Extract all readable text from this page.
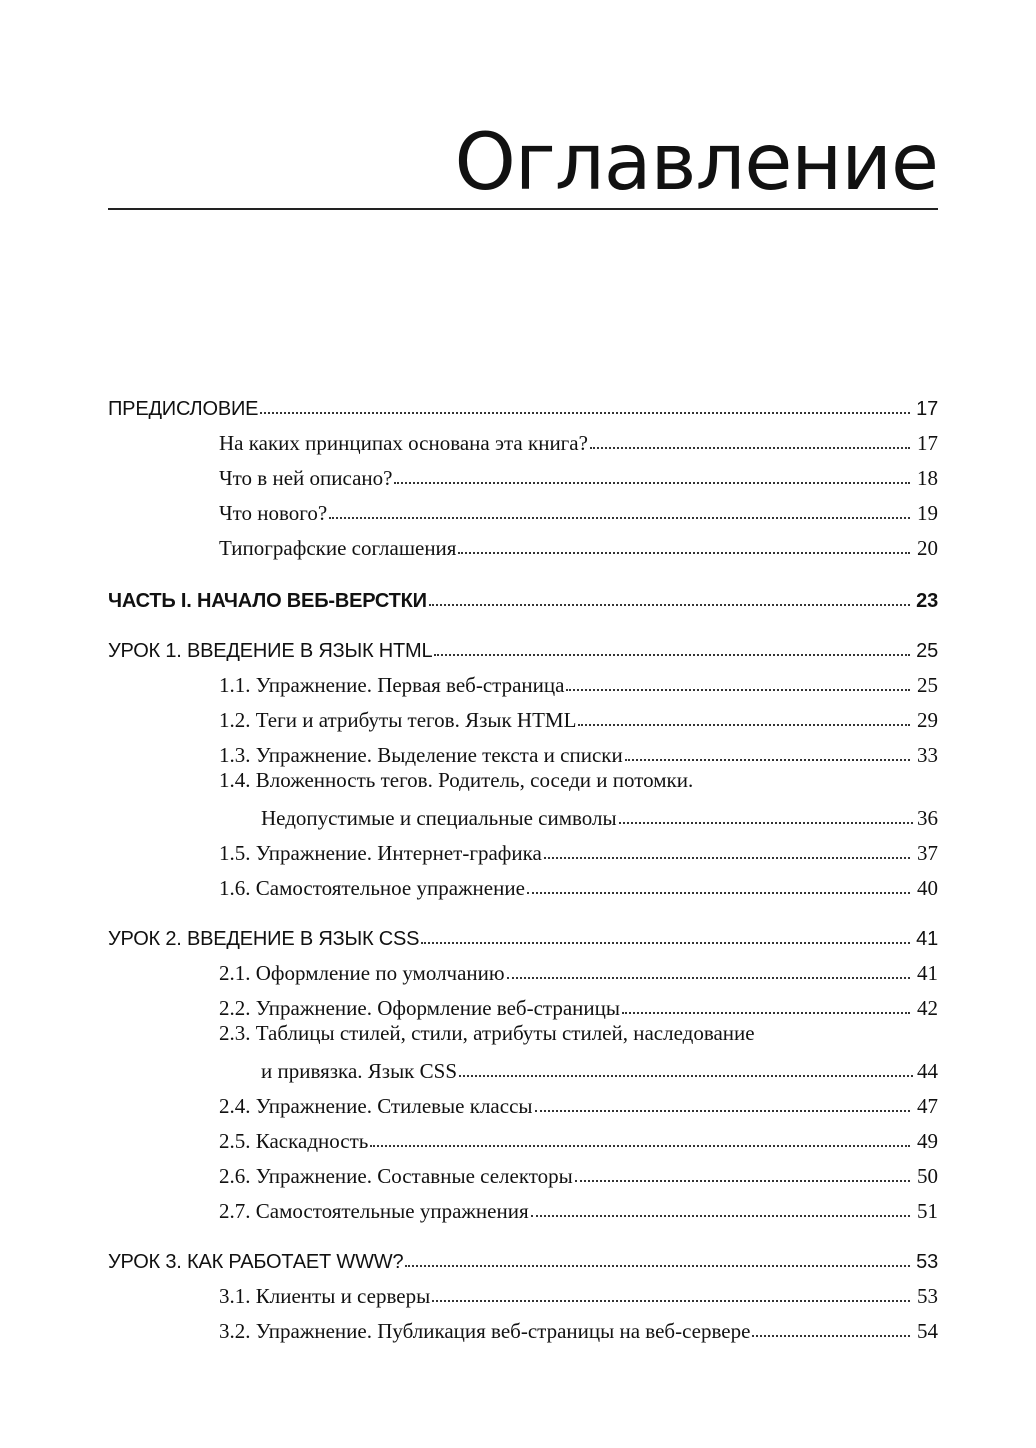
Оглавление
ПРЕДИСЛОВИЕ	17
На каких принципах основана эта книга?	17
Что в ней описано?	18
Что нового?	19
Типографские соглашения	20
ЧАСТЬ I. НАЧАЛО ВЕБ-ВЕРСТКИ	23
УРОК 1. ВВЕДЕНИЕ В ЯЗЫК HTML	25
1.1. Упражнение. Первая веб-страница	25
1.2. Теги и атрибуты тегов. Язык HTML	29
1.3. Упражнение. Выделение текста и списки	33
1.4. Вложенность тегов. Родитель, соседи и потомки.
Недопустимые и специальные символы	36
1.5. Упражнение. Интернет-графика	37
1.6. Самостоятельное упражнение	40
УРОК 2. ВВЕДЕНИЕ В ЯЗЫК CSS	41
2.1. Оформление по умолчанию	41
2.2. Упражнение. Оформление веб-страницы	42
2.3. Таблицы стилей, стили, атрибуты стилей, наследование
и привязка. Язык CSS	44
2.4. Упражнение. Стилевые классы	47
2.5. Каскадность	49
2.6. Упражнение. Составные селекторы	50
2.7. Самостоятельные упражнения	51
УРОК 3. КАК РАБОТАЕТ WWW?	53
3.1. Клиенты и серверы	53
3.2. Упражнение. Публикация веб-страницы на веб-сервере	54
